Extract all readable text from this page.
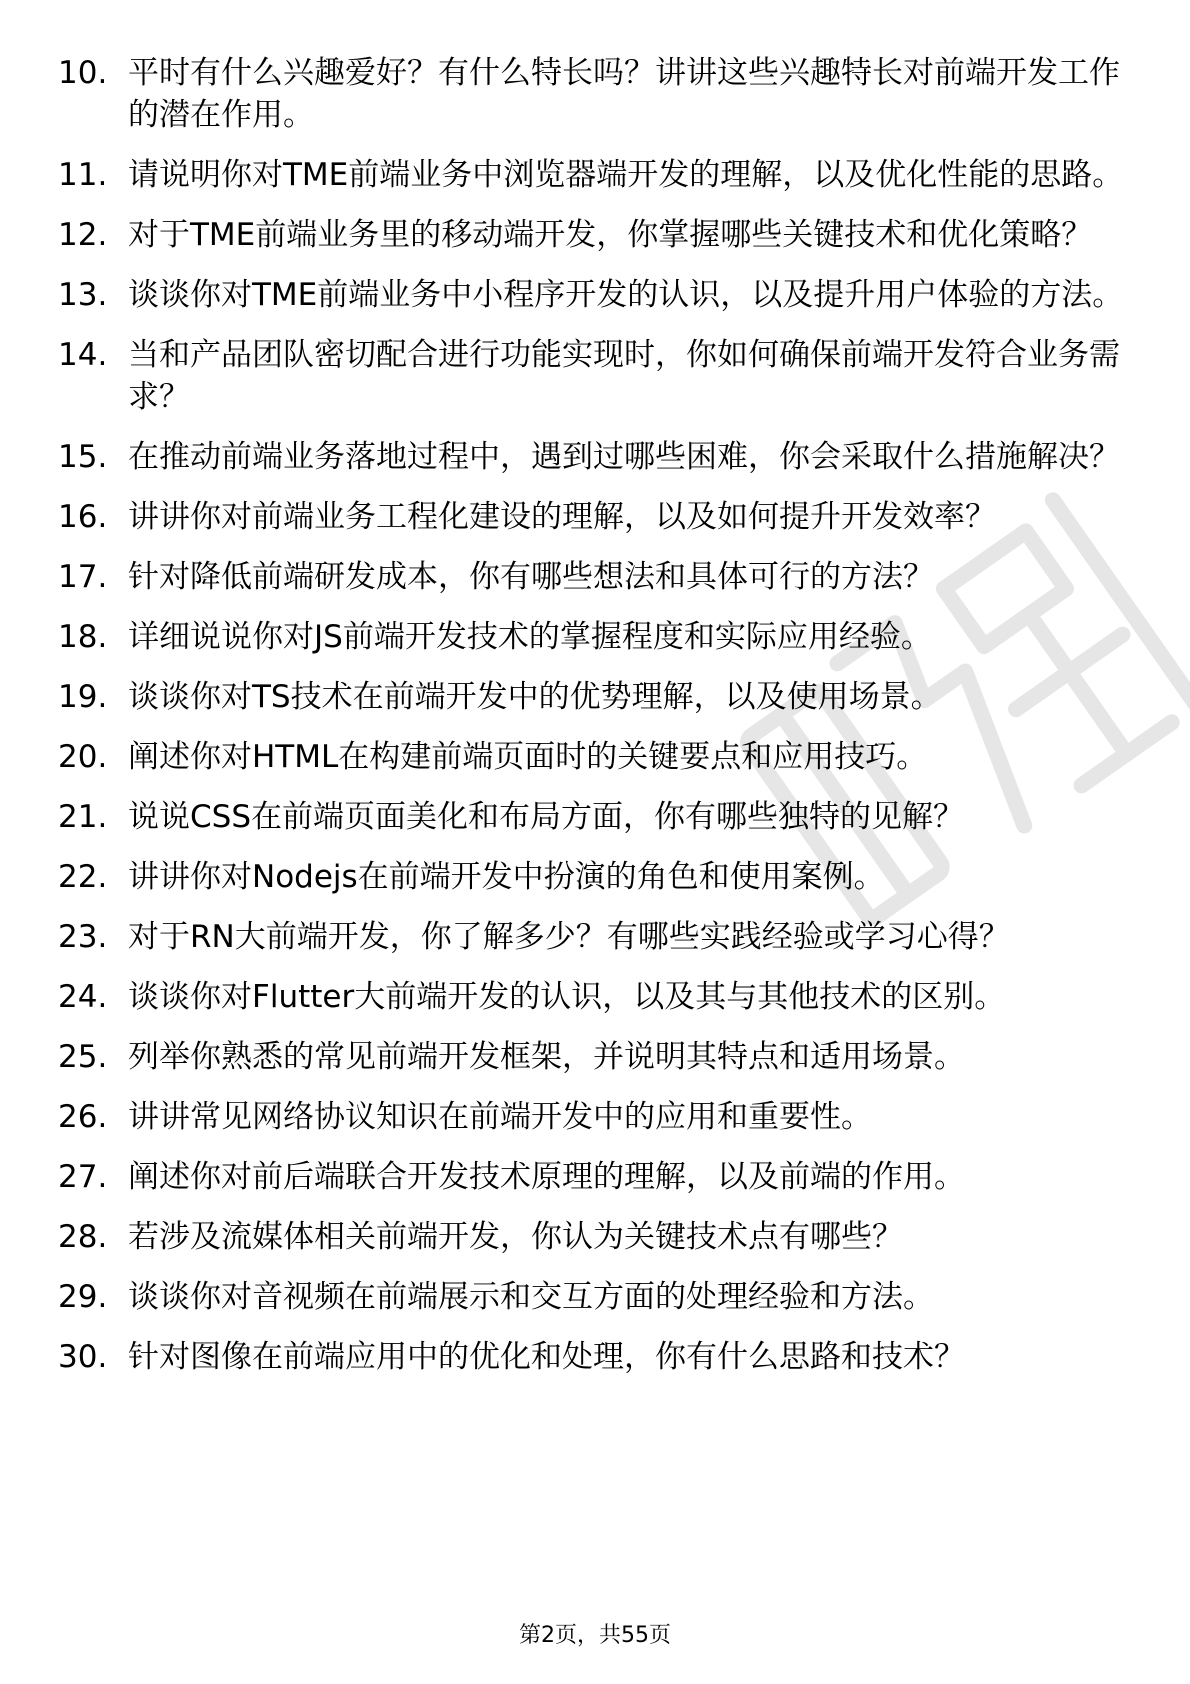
10. 平时有什么兴趣爱好？有什么特长吗？讲讲这些兴趣特长对前端开发工作的潜在作用。
11. 请说明你对TME前端业务中浏览器端开发的理解，以及优化性能的思路。
12. 对于TME前端业务里的移动端开发，你掌握哪些关键技术和优化策略？
13. 谈谈你对TME前端业务中小程序开发的认识，以及提升用户体验的方法。
14. 当和产品团队密切配合进行功能实现时，你如何确保前端开发符合业务需求？
15. 在推动前端业务落地过程中，遇到过哪些困难，你会采取什么措施解决？
16. 讲讲你对前端业务工程化建设的理解，以及如何提升开发效率？
17. 针对降低前端研发成本，你有哪些想法和具体可行的方法？
18. 详细说说你对JS前端开发技术的掌握程度和实际应用经验。
19. 谈谈你对TS技术在前端开发中的优势理解，以及使用场景。
20. 阐述你对HTML在构建前端页面时的关键要点和应用技巧。
21. 说说CSS在前端页面美化和布局方面，你有哪些独特的见解？
22. 讲讲你对Nodejs在前端开发中扮演的角色和使用案例。
23. 对于RN大前端开发，你了解多少？有哪些实践经验或学习心得？
24. 谈谈你对Flutter大前端开发的认识，以及其与其他技术的区别。
25. 列举你熟悉的常见前端开发框架，并说明其特点和适用场景。
26. 讲讲常见网络协议知识在前端开发中的应用和重要性。
27. 阐述你对前后端联合开发技术原理的理解，以及前端的作用。
28. 若涉及流媒体相关前端开发，你认为关键技术点有哪些？
29. 谈谈你对音视频在前端展示和交互方面的处理经验和方法。
30. 针对图像在前端应用中的优化和处理，你有什么思路和技术？
第2页，共55页
